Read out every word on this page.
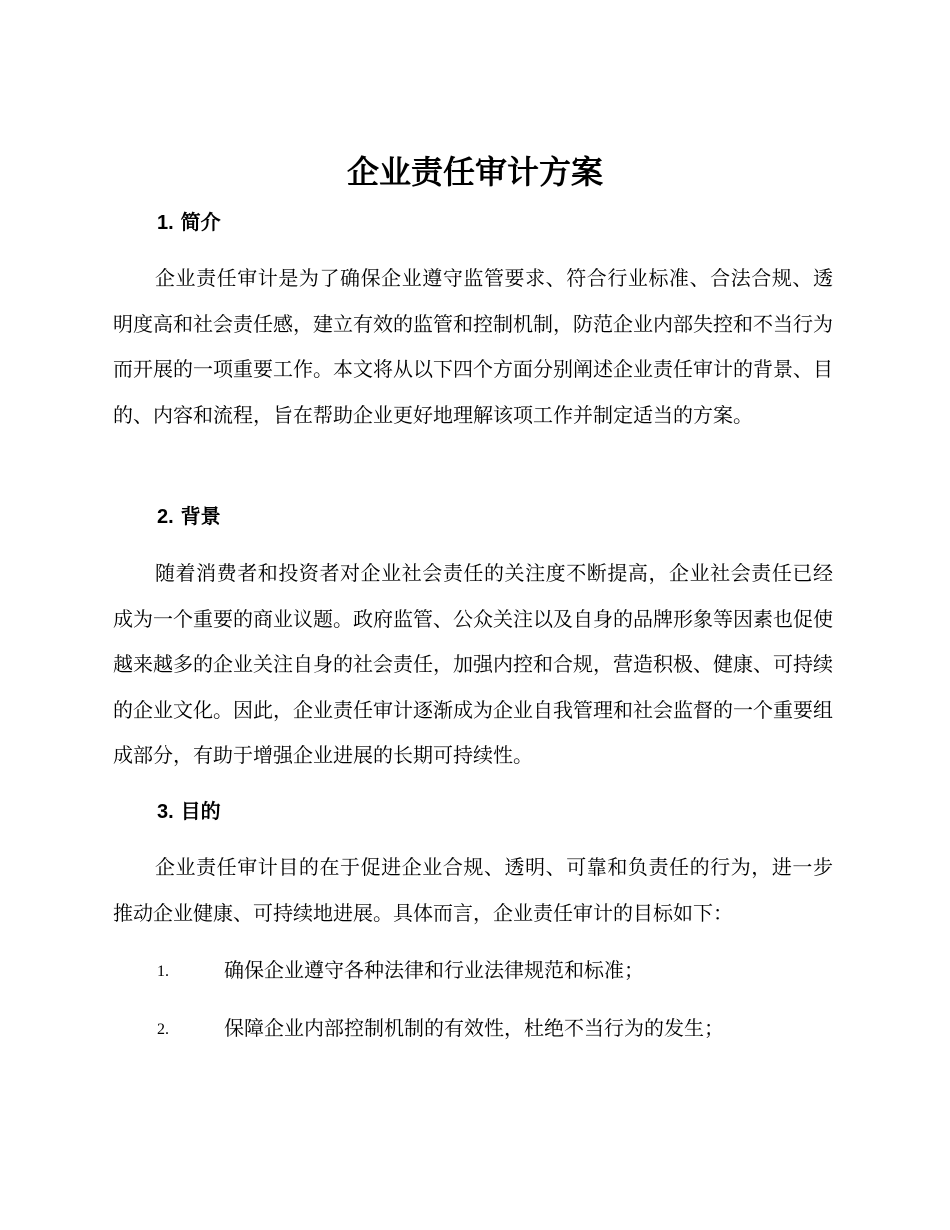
企业责任审计方案
1. 简介

企业责任审计是为了确保企业遵守监管要求、符合行业标准、合法合规、透明度高和社会责任感，建立有效的监管和控制机制，防范企业内部失控和不当行为而开展的一项重要工作。本文将从以下四个方面分别阐述企业责任审计的背景、目的、内容和流程，旨在帮助企业更好地理解该项工作并制定适当的方案。

2. 背景

随着消费者和投资者对企业社会责任的关注度不断提高，企业社会责任已经成为一个重要的商业议题。政府监管、公众关注以及自身的品牌形象等因素也促使越来越多的企业关注自身的社会责任，加强内控和合规，营造积极、健康、可持续的企业文化。因此，企业责任审计逐渐成为企业自我管理和社会监督的一个重要组成部分，有助于增强企业进展的长期可持续性。

3. 目的

企业责任审计目的在于促进企业合规、透明、可靠和负责任的行为，进一步推动企业健康、可持续地进展。具体而言，企业责任审计的目标如下：

1.	确保企业遵守各种法律和行业法律规范和标准；
2.	保障企业内部控制机制的有效性，杜绝不当行为的发生；
